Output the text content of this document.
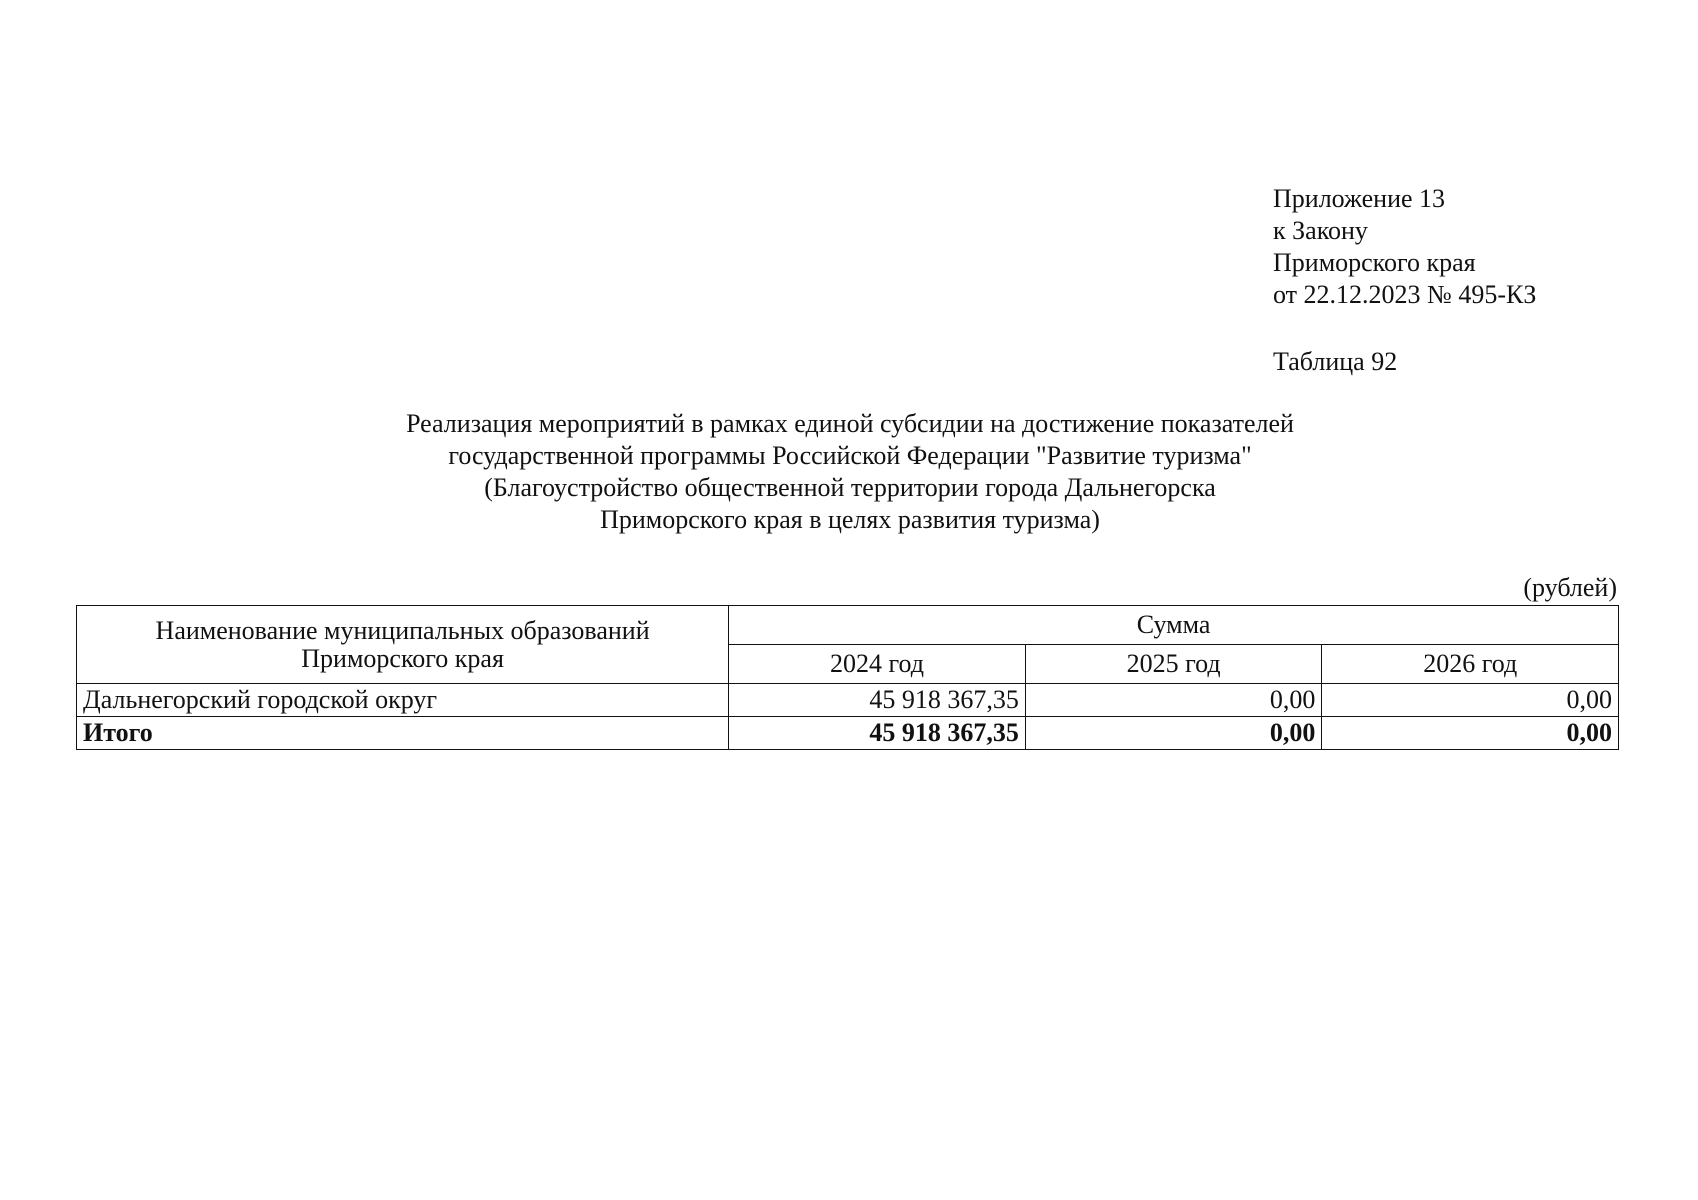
Приложение 13
к Закону
Приморского края
от 22.12.2023 № 495-КЗ
Таблица 92
Реализация мероприятий в рамках единой субсидии на достижение показателей
государственной программы Российской Федерации "Развитие туризма"
(Благоустройство общественной территории города Дальнегорска
Приморского края в целях развития туризма)
(рублей)
Наименование муниципальных образований Приморского края	Сумма		
	2024 год	2025 год	2026 год
Дальнегорский городской округ	45 918 367,35	0,00	0,00
Итого	45 918 367,35	0,00	0,00
